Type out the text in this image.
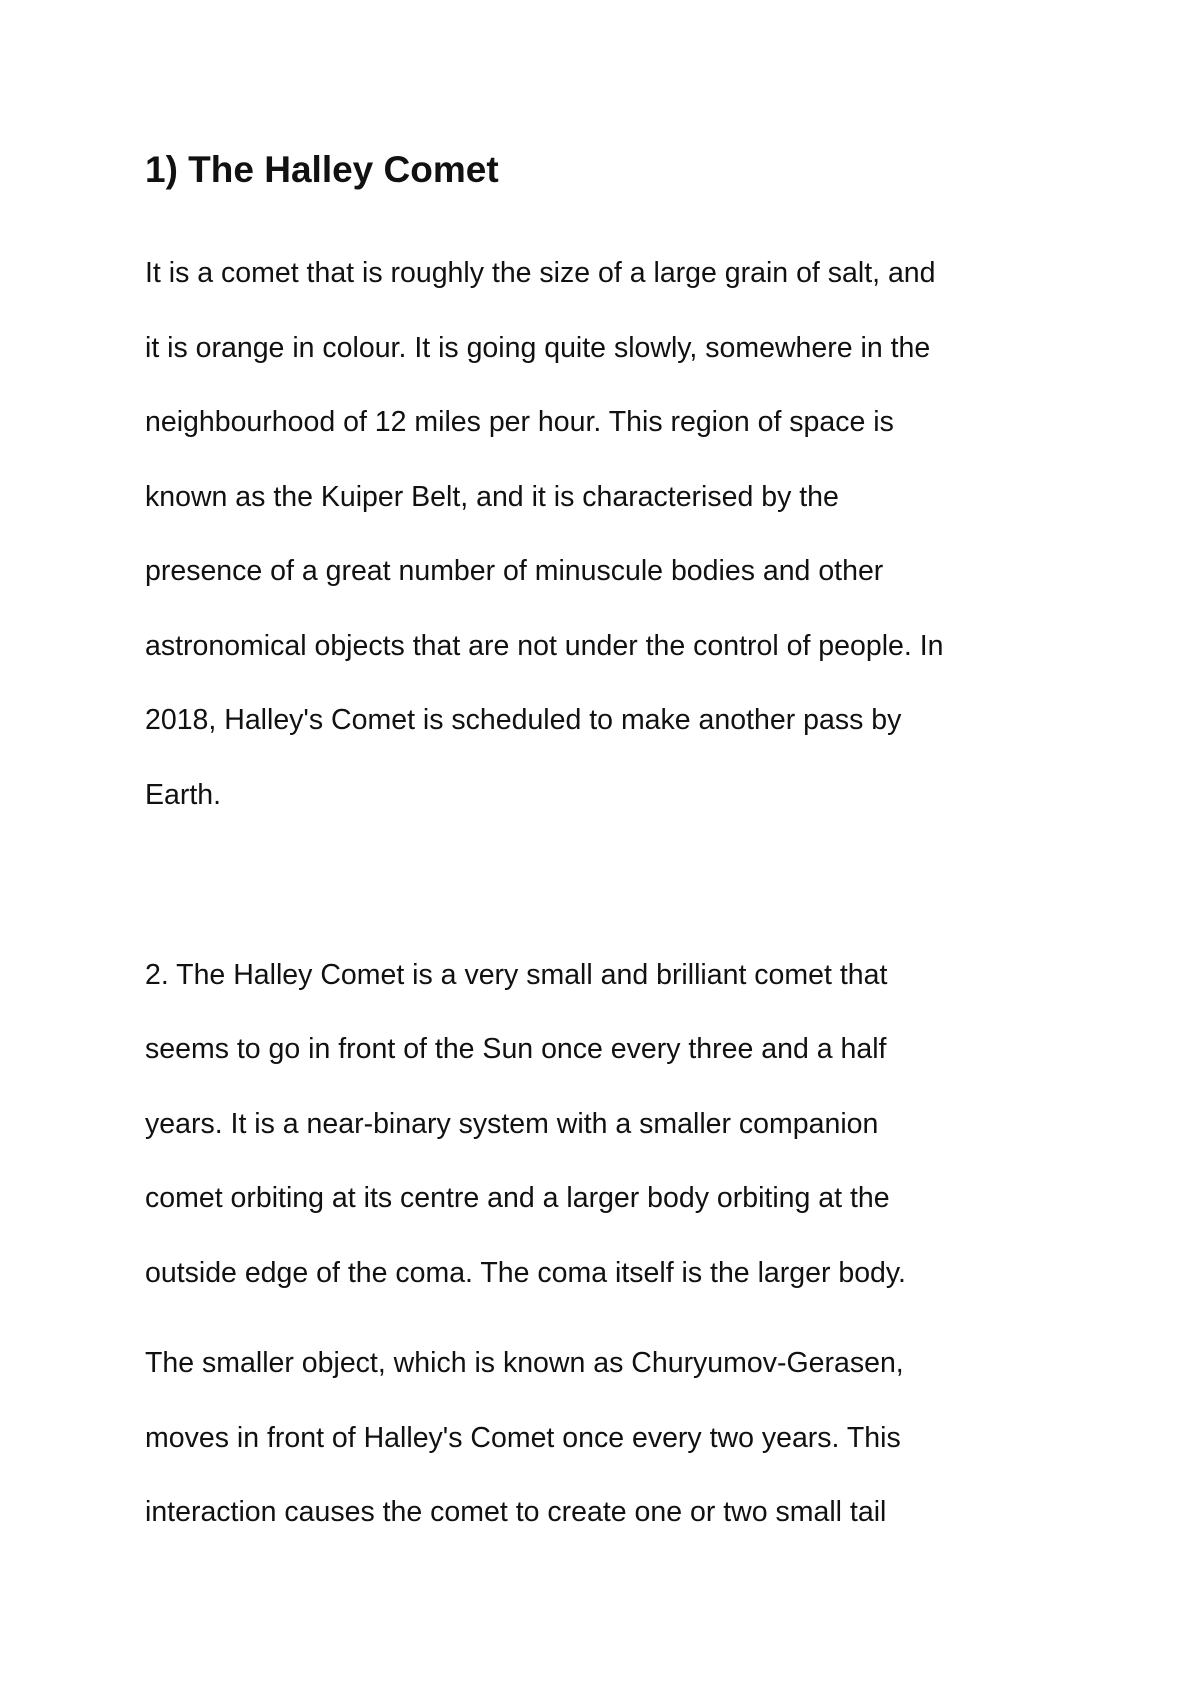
1) The Halley Comet

It is a comet that is roughly the size of a large grain of salt, and

it is orange in colour. It is going quite slowly, somewhere in the

neighbourhood of 12 miles per hour. This region of space is

known as the Kuiper Belt, and it is characterised by the

presence of a great number of minuscule bodies and other

astronomical objects that are not under the control of people. In

2018, Halley's Comet is scheduled to make another pass by

Earth.

2. The Halley Comet is a very small and brilliant comet that

seems to go in front of the Sun once every three and a half

years. It is a near-binary system with a smaller companion

comet orbiting at its centre and a larger body orbiting at the

outside edge of the coma. The coma itself is the larger body.

The smaller object, which is known as Churyumov-Gerasen,

moves in front of Halley's Comet once every two years. This

interaction causes the comet to create one or two small tail
